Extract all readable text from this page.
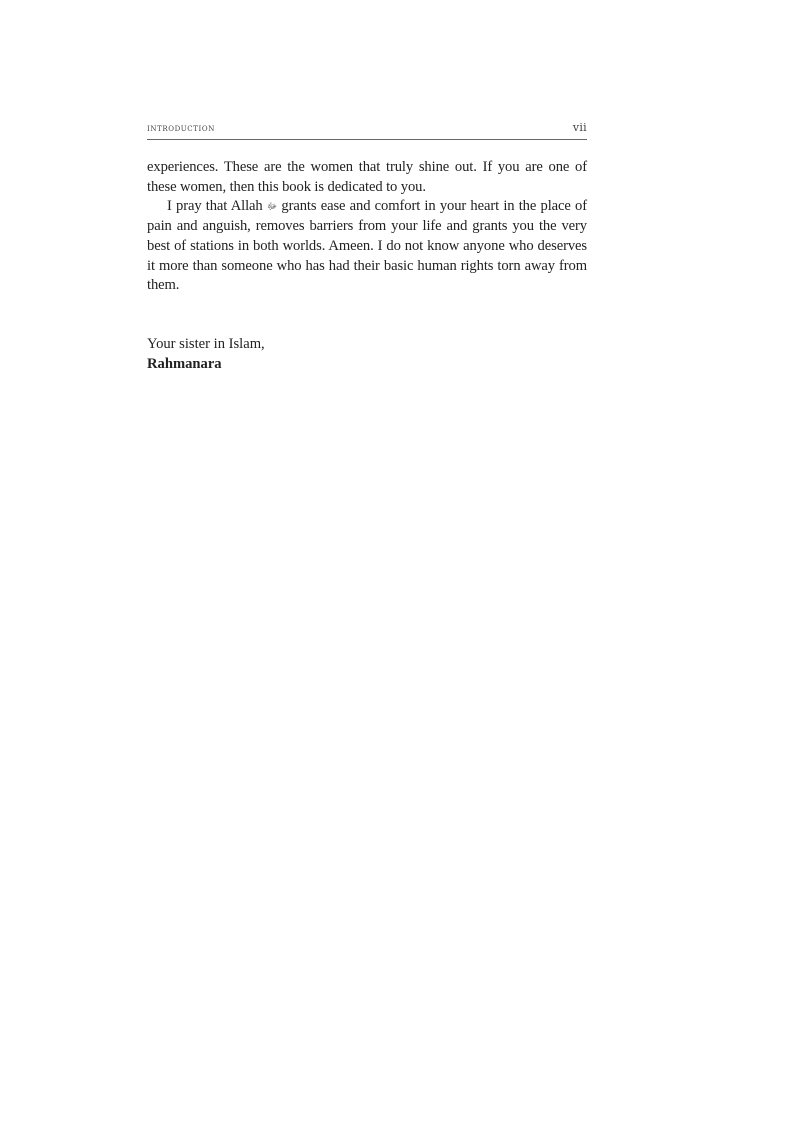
introduction	vii

experiences. These are the women that truly shine out. If you are one of these women, then this book is dedicated to you.

I pray that Allah ﷻ grants ease and comfort in your heart in the place of pain and anguish, removes barriers from your life and grants you the very best of stations in both worlds. Ameen. I do not know anyone who deserves it more than someone who has had their basic human rights torn away from them.

Your sister in Islam,
Rahmanara
